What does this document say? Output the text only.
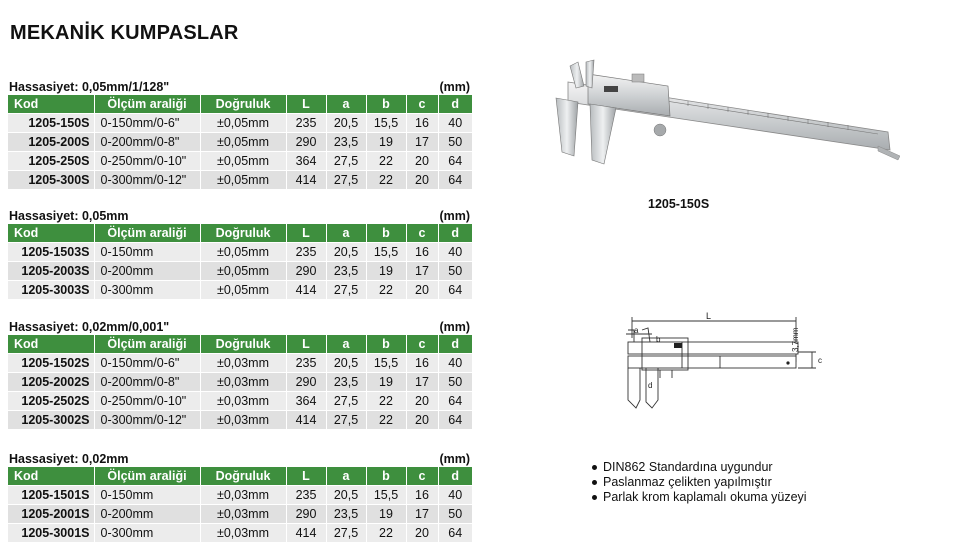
MEKANİK KUMPASLAR
Hassasiyet: 0,05mm/1/128"	(mm)
Kod	Ölçüm araliği	Doğruluk	L	a	b	c	d
1205-150S	0-150mm/0-6"	±0,05mm	235	20,5	15,5	16	40
1205-200S	0-200mm/0-8"	±0,05mm	290	23,5	19	17	50
1205-250S	0-250mm/0-10"	±0,05mm	364	27,5	22	20	64
1205-300S	0-300mm/0-12"	±0,05mm	414	27,5	22	20	64
Hassasiyet: 0,05mm	(mm)
Kod	Ölçüm araliği	Doğruluk	L	a	b	c	d
1205-1503S	0-150mm	±0,05mm	235	20,5	15,5	16	40
1205-2003S	0-200mm	±0,05mm	290	23,5	19	17	50
1205-3003S	0-300mm	±0,05mm	414	27,5	22	20	64
Hassasiyet: 0,02mm/0,001"	(mm)
Kod	Ölçüm araliği	Doğruluk	L	a	b	c	d
1205-1502S	0-150mm/0-6"	±0,03mm	235	20,5	15,5	16	40
1205-2002S	0-200mm/0-8"	±0,03mm	290	23,5	19	17	50
1205-2502S	0-250mm/0-10"	±0,03mm	364	27,5	22	20	64
1205-3002S	0-300mm/0-12"	±0,03mm	414	27,5	22	20	64
Hassasiyet: 0,02mm	(mm)
Kod	Ölçüm araliği	Doğruluk	L	a	b	c	d
1205-1501S	0-150mm	±0,03mm	235	20,5	15,5	16	40
1205-2001S	0-200mm	±0,03mm	290	23,5	19	17	50
1205-3001S	0-300mm	±0,03mm	414	27,5	22	20	64
1205-150S
L
a
b
d
c
3,7mm
DIN862 Standardına uygundur
Paslanmaz çelikten yapılmıştır
Parlak krom kaplamalı okuma yüzeyi
